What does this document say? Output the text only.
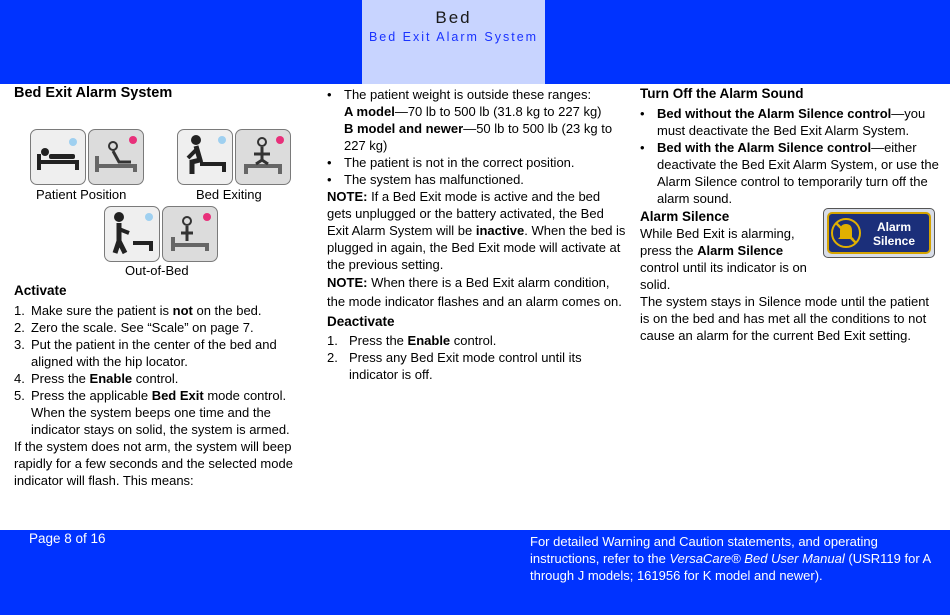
Bed
Bed Exit Alarm System
Bed Exit Alarm System
Patient Position	Bed Exiting
Out-of-Bed
Activate
1. Make sure the patient is not on the bed.
2. Zero the scale. See “Scale” on page 7.
3. Put the patient in the center of the bed and aligned with the hip locator.
4. Press the Enable control.
5. Press the applicable Bed Exit mode control. When the system beeps one time and the indicator stays on solid, the system is armed.

If the system does not arm, the system will beep rapidly for a few seconds and the selected mode indicator will flash. This means:

• The patient weight is outside these ranges:
A model—70 lb to 500 lb (31.8 kg to 227 kg)
B model and newer—50 lb to 500 lb (23 kg to 227 kg)
• The patient is not in the correct position.
• The system has malfunctioned.

NOTE: If a Bed Exit mode is active and the bed gets unplugged or the battery activated, the Bed Exit Alarm System will be inactive. When the bed is plugged in again, the Bed Exit mode will activate at the previous setting.

NOTE: When there is a Bed Exit alarm condition, the mode indicator flashes and an alarm comes on.

Deactivate
1. Press the Enable control.
2. Press any Bed Exit mode control until its indicator is off.
Turn Off the Alarm Sound
• Bed without the Alarm Silence control—you must deactivate the Bed Exit Alarm System.
• Bed with the Alarm Silence control—either deactivate the Bed Exit Alarm System, or use the Alarm Silence control to temporarily turn off the alarm sound.
Alarm Silence

While Bed Exit is alarming, press the Alarm Silence control until its indicator is on solid.

Alarm
Silence

The system stays in Silence mode until the patient is on the bed and has met all the conditions to not cause an alarm for the current Bed Exit setting.

Page 8 of 16	For detailed Warning and Caution statements, and operating instructions, refer to the VersaCare® Bed User Manual (USR119 for A through J models; 161956 for K model and newer).
